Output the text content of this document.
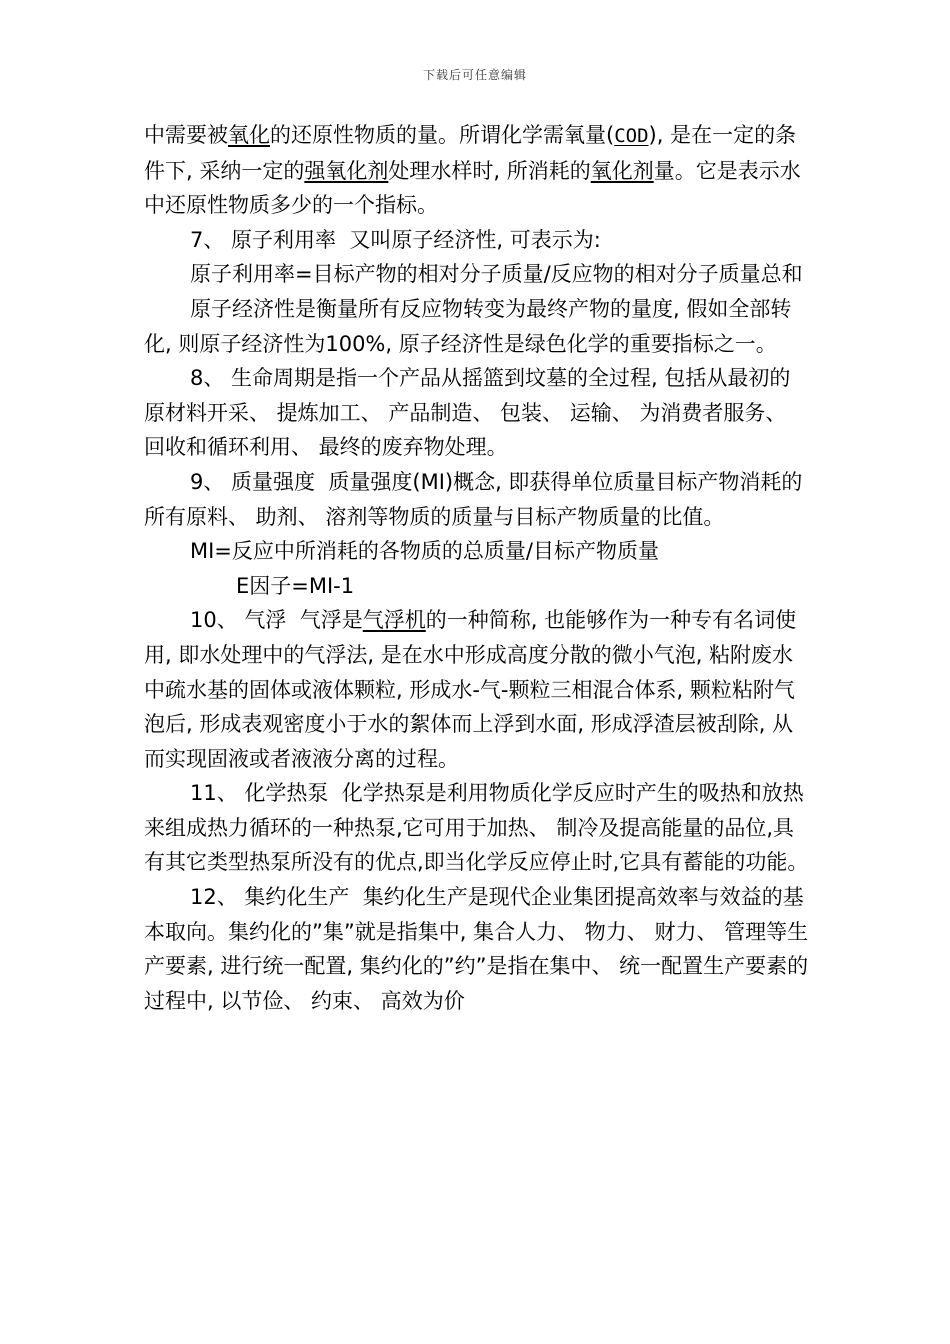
下载后可任意编辑

中需要被氧化的还原性物质的量。所谓化学需氧量(COD), 是在一定的条件下, 采纳一定的强氧化剂处理水样时, 所消耗的氧化剂量。它是表示水中还原性物质多少的一个指标。

7、 原子利用率  又叫原子经济性, 可表示为:

原子利用率=目标产物的相对分子质量/反应物的相对分子质量总和

原子经济性是衡量所有反应物转变为最终产物的量度, 假如全部转化, 则原子经济性为100%, 原子经济性是绿色化学的重要指标之一。

8、 生命周期是指一个产品从摇篮到坟墓的全过程, 包括从最初的原材料开采、 提炼加工、 产品制造、 包装、 运输、 为消费者服务、 回收和循环利用、 最终的废弃物处理。

9、 质量强度  质量强度(MI)概念, 即获得单位质量目标产物消耗的所有原料、 助剂、 溶剂等物质的质量与目标产物质量的比值。

MI=反应中所消耗的各物质的总质量/目标产物质量

E因子=MI-1

10、 气浮  气浮是气浮机的一种简称, 也能够作为一种专有名词使用, 即水处理中的气浮法, 是在水中形成高度分散的微小气泡, 粘附废水中疏水基的固体或液体颗粒, 形成水-气-颗粒三相混合体系, 颗粒粘附气泡后, 形成表观密度小于水的絮体而上浮到水面, 形成浮渣层被刮除, 从而实现固液或者液液分离的过程。

11、 化学热泵  化学热泵是利用物质化学反应时产生的吸热和放热来组成热力循环的一种热泵,它可用于加热、 制冷及提高能量的品位,具有其它类型热泵所没有的优点,即当化学反应停止时,它具有蓄能的功能。

12、 集约化生产  集约化生产是现代企业集团提高效率与效益的基本取向。集约化的”集”就是指集中, 集合人力、 物力、 财力、 管理等生产要素, 进行统一配置, 集约化的”约”是指在集中、 统一配置生产要素的过程中, 以节俭、 约束、 高效为价
